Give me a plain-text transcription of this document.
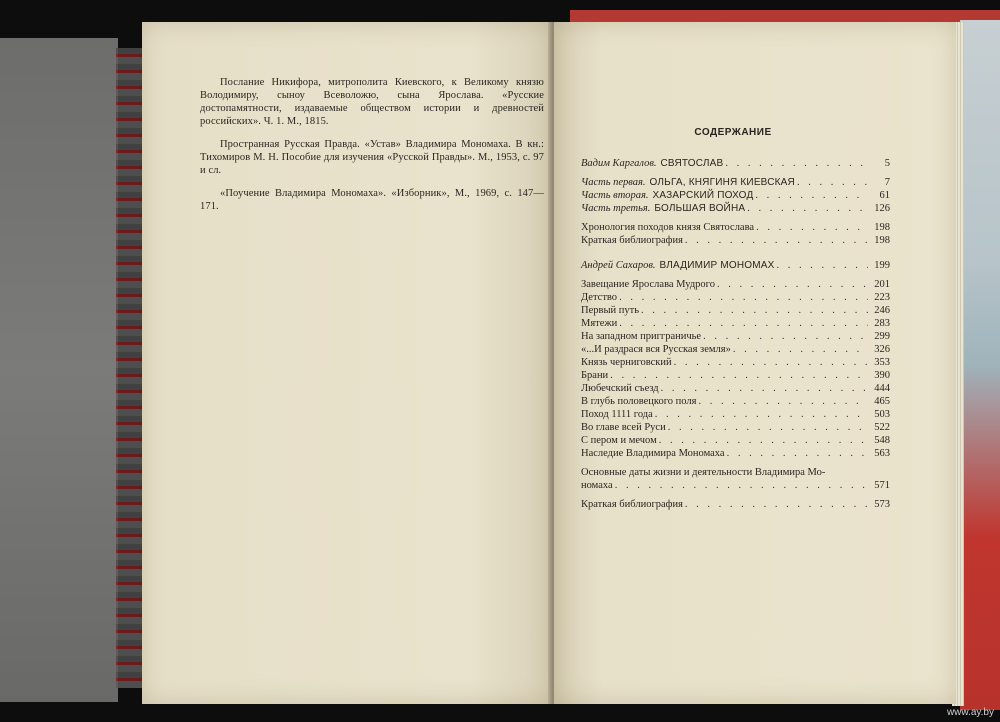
Послание Никифора, митрополита Киевского, к Великому князю Володимиру, сыноу Всеволожю, сына Ярослава. «Русские достопамятности, издаваемые обществом истории и древностей российских». Ч. 1. М., 1815.

Пространная Русская Правда. «Устав» Владимира Мономаха. В кн.: Тихомиров М. Н. Пособие для изучения «Русской Правды». М., 1953, с. 97 и сл.

«Поучение Владимира Мономаха». «Изборник», М., 1969, с. 147—171.

СОДЕРЖАНИЕ
Вадим Каргалов. СВЯТОСЛАВ . . .	5
Часть первая. ОЛЬГА, КНЯГИНЯ КИЕВСКАЯ . . .	7
Часть вторая. ХАЗАРСКИЙ ПОХОД . . .	61
Часть третья. БОЛЬШАЯ ВОЙНА . . .	126
Хронология походов князя Святослава . . .	198
Краткая библиография . . .	198
Андрей Сахаров. ВЛАДИМИР МОНОМАХ . . .	199
Завещание Ярослава Мудрого . . .	201
Детство . . .	223
Первый путь . . .	246
Мятежи . . .	283
На западном пригграничье . . .	299
«...И раздрася вся Русская земля» . . .	326
Князь черниговский . . .	353
Брани . . .	390
Любечский съезд . . .	444
В глубь половецкого поля . . .	465
Поход 1111 года . . .	503
Во главе всей Руси . . .	522
С пером и мечом . . .	548
Наследие Владимира Мономаха . . .	563
Основные даты жизни и деятельности Владимира Мо-
номаха . . .	571
Краткая библиография . . .	573
www.ay.by
